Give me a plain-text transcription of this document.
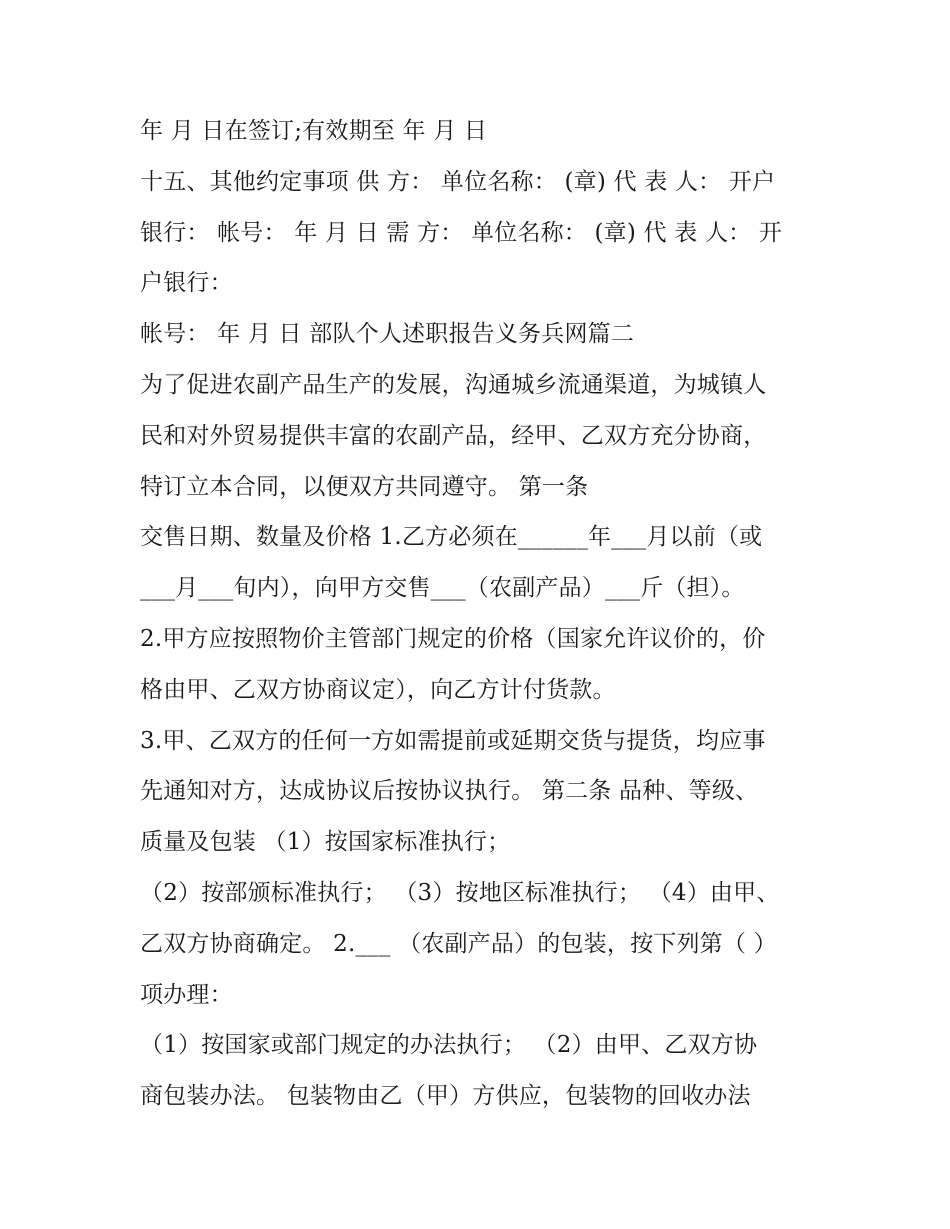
年 月 日在签订;有效期至 年 月 日
十五、其他约定事项 供 方： 单位名称： (章) 代 表 人： 开户
银行： 帐号： 年 月 日 需 方： 单位名称： (章) 代 表 人： 开
户银行：
帐号： 年 月 日 部队个人述职报告义务兵网篇二
为了促进农副产品生产的发展，沟通城乡流通渠道，为城镇人
民和对外贸易提供丰富的农副产品，经甲、乙双方充分协商，
特订立本合同，以便双方共同遵守。 第一条
交售日期、数量及价格 1.乙方必须在______年___月以前（或
___月___旬内），向甲方交售___（农副产品）___斤（担）。
2.甲方应按照物价主管部门规定的价格（国家允许议价的，价
格由甲、乙双方协商议定），向乙方计付货款。
3.甲、乙双方的任何一方如需提前或延期交货与提货，均应事
先通知对方，达成协议后按协议执行。 第二条 品种、等级、
质量及包装 （1）按国家标准执行；
（2）按部颁标准执行； （3）按地区标准执行； （4）由甲、
乙双方协商确定。 2.___ （农副产品）的包装，按下列第（ ）
项办理：
（1）按国家或部门规定的办法执行； （2）由甲、乙双方协
商包装办法。 包装物由乙（甲）方供应，包装物的回收办法
